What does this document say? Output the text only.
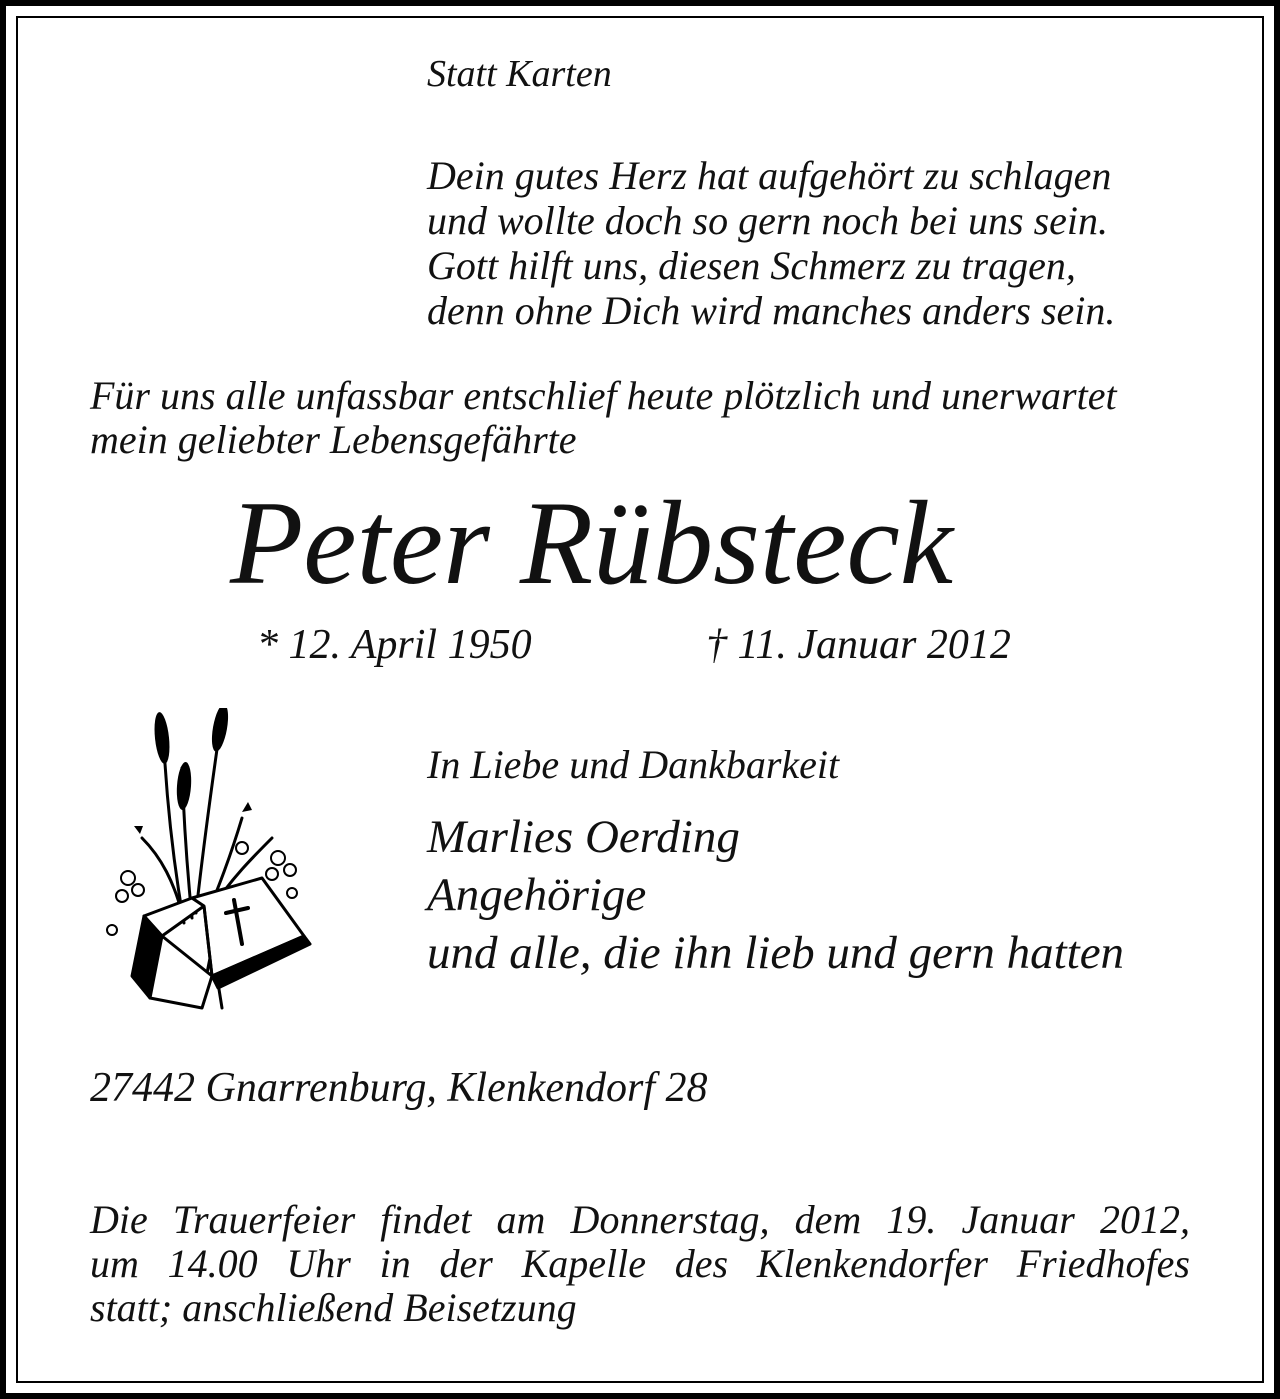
Statt Karten
Dein gutes Herz hat aufgehört zu schlagen
und wollte doch so gern noch bei uns sein.
Gott hilft uns, diesen Schmerz zu tragen,
denn ohne Dich wird manches anders sein.
Für uns alle unfassbar entschlief heute plötzlich und unerwartet
mein geliebter Lebensgefährte
Peter Rübsteck
* 12. April 1950	† 11. Januar 2012
In Liebe und Dankbarkeit
Marlies Oerding
Angehörige
und alle, die ihn lieb und gern hatten
27442 Gnarrenburg, Klenkendorf 28
Die Trauerfeier findet am Donnerstag, dem 19. Januar 2012,
um 14.00 Uhr in der Kapelle des Klenkendorfer Friedhofes
statt; anschließend Beisetzung
